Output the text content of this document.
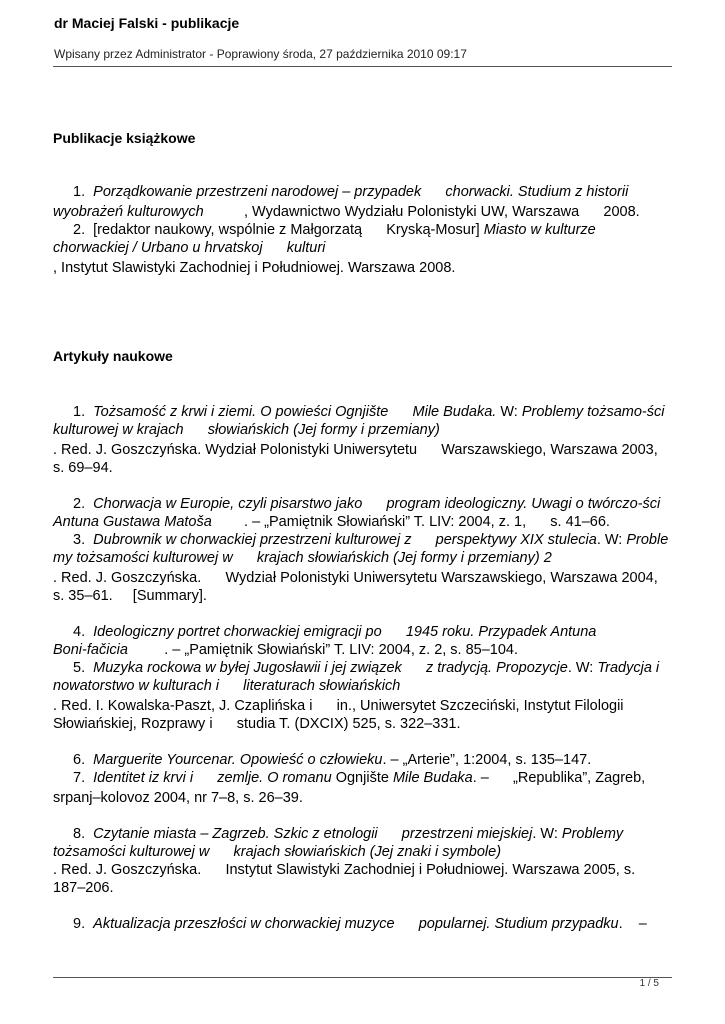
dr Maciej Falski - publikacje
Wpisany przez Administrator - Poprawiony środa, 27 października 2010 09:17
Publikacje książkowe
Artykuły naukowe
1.  Porządkowanie przestrzeni narodowej – przypadek chorwacki. Studium z historii
wyobrażeń kulturowych          , Wydawnictwo Wydziału Polonistyki UW, Warszawa      2008.
2.  [redaktor naukowy, wspólnie z Małgorzatą      Kryską-Mosur] Miasto w kulturze
chorwackiej / Urbano u hrvatskoj      kulturi
, Instytut Slawistyki Zachodniej i Południowej. Warszawa 2008.
1.  Tożsamość z krwi i ziemi. O powieści Ognjište Mile Budaka. W: Problemy tożsamo-ści
kulturowej w krajach      słowiańskich (Jej formy i przemiany)
. Red. J. Goszczyńska. Wydział Polonistyki Uniwersytetu      Warszawskiego, Warszawa 2003,
s. 69–94.
2.  Chorwacja w Europie, czyli pisarstwo jako      program ideologiczny. Uwagi o twórczo-ści
Antuna Gustawa Matoša        . – „Pamiętnik Słowiański” T. LIV: 2004, z. 1,      s. 41–66.
3.  Dubrownik w chorwackiej przestrzeni kulturowej z      perspektywy XIX stulecia. W: Proble
my tożsamości kulturowej w      krajach słowiańskich (Jej formy i przemiany) 2
. Red. J. Goszczyńska.      Wydział Polonistyki Uniwersytetu Warszawskiego, Warszawa 2004,
s. 35–61.     [Summary].
4.  Ideologiczny portret chorwackiej emigracji po      1945 roku. Przypadek Antuna
Boni-fačicia         . – „Pamiętnik Słowiański” T. LIV: 2004, z. 2, s. 85–104.
5.  Muzyka rockowa w byłej Jugosławii i jej związek      z tradycją. Propozycje. W: Tradycja i
nowatorstwo w kulturach i      literaturach słowiańskich
. Red. I. Kowalska-Paszt, J. Czaplińska i      in., Uniwersytet Szczeciński, Instytut Filologii
Słowiańskiej, Rozprawy i      studia T. (DXCIX) 525, s. 322–331.
6.  Marguerite Yourcenar. Opowieść o człowieku. – „Arterie”, 1:2004, s. 135–147.
7.  Identitet iz krvi i      zemlje. O romanu Ognjište Mile Budaka. –      „Republika”, Zagreb,
srpanj–kolovoz 2004, nr 7–8, s. 26–39.
8.  Czytanie miasta – Zagrzeb. Szkic z etnologii      przestrzeni miejskiej. W: Problemy
tożsamości kulturowej w      krajach słowiańskich (Jej znaki i symbole)
. Red. J. Goszczyńska.      Instytut Slawistyki Zachodniej i Południowej. Warszawa 2005, s.
187–206.
9.  Aktualizacja przeszłości w chorwackiej muzyce      popularnej. Studium przypadku.    –
1 / 5
